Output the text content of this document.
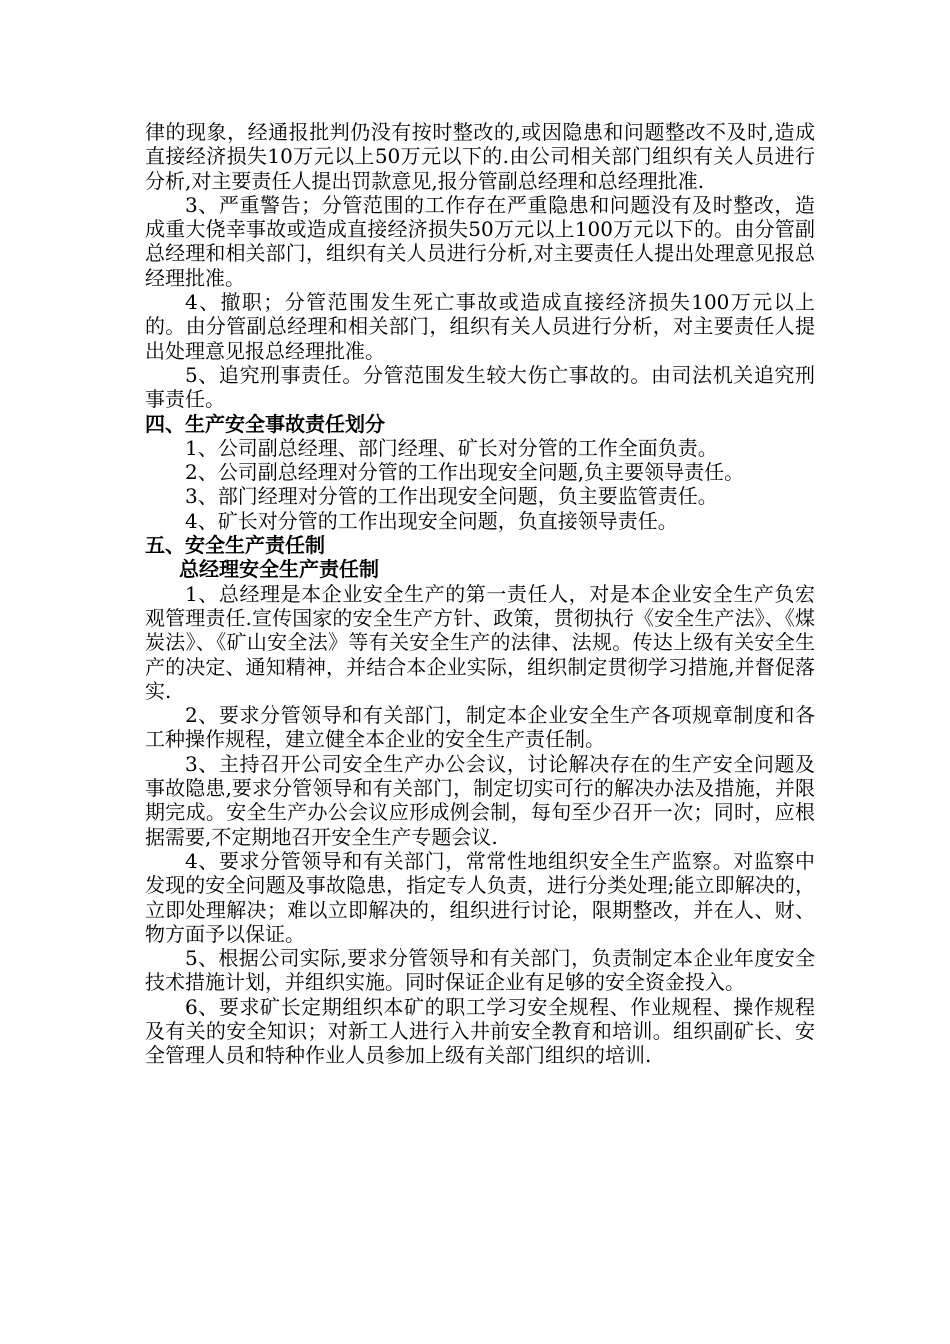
律的现象，经通报批判仍没有按时整改的,或因隐患和问题整改不及时,造成直接经济损失10万元以上50万元以下的.由公司相关部门组织有关人员进行分析,对主要责任人提出罚款意见,报分管副总经理和总经理批准.

3、严重警告；分管范围的工作存在严重隐患和问题没有及时整改，造成重大侥幸事故或造成直接经济损失50万元以上100万元以下的。由分管副总经理和相关部门，组织有关人员进行分析,对主要责任人提出处理意见报总经理批准。

4、撤职；分管范围发生死亡事故或造成直接经济损失100万元以上的。由分管副总经理和相关部门，组织有关人员进行分析，对主要责任人提出处理意见报总经理批准。

5、追究刑事责任。分管范围发生较大伤亡事故的。由司法机关追究刑事责任。

四、生产安全事故责任划分

1、公司副总经理、部门经理、矿长对分管的工作全面负责。

2、公司副总经理对分管的工作出现安全问题,负主要领导责任。

3、部门经理对分管的工作出现安全问题，负主要监管责任。

4、矿长对分管的工作出现安全问题，负直接领导责任。

五、安全生产责任制

总经理安全生产责任制

1、总经理是本企业安全生产的第一责任人，对是本企业安全生产负宏观管理责任.宣传国家的安全生产方针、政策，贯彻执行《安全生产法》、《煤炭法》、《矿山安全法》等有关安全生产的法律、法规。传达上级有关安全生产的决定、通知精神，并结合本企业实际，组织制定贯彻学习措施,并督促落实.

2、要求分管领导和有关部门，制定本企业安全生产各项规章制度和各工种操作规程，建立健全本企业的安全生产责任制。

3、主持召开公司安全生产办公会议，讨论解决存在的生产安全问题及事故隐患,要求分管领导和有关部门，制定切实可行的解决办法及措施，并限期完成。安全生产办公会议应形成例会制，每旬至少召开一次；同时，应根据需要,不定期地召开安全生产专题会议.

4、要求分管领导和有关部门，常常性地组织安全生产监察。对监察中发现的安全问题及事故隐患，指定专人负责，进行分类处理;能立即解决的，立即处理解决；难以立即解决的，组织进行讨论，限期整改，并在人、财、物方面予以保证。

5、根据公司实际,要求分管领导和有关部门，负责制定本企业年度安全技术措施计划，并组织实施。同时保证企业有足够的安全资金投入。

6、要求矿长定期组织本矿的职工学习安全规程、作业规程、操作规程及有关的安全知识；对新工人进行入井前安全教育和培训。组织副矿长、安全管理人员和特种作业人员参加上级有关部门组织的培训.
